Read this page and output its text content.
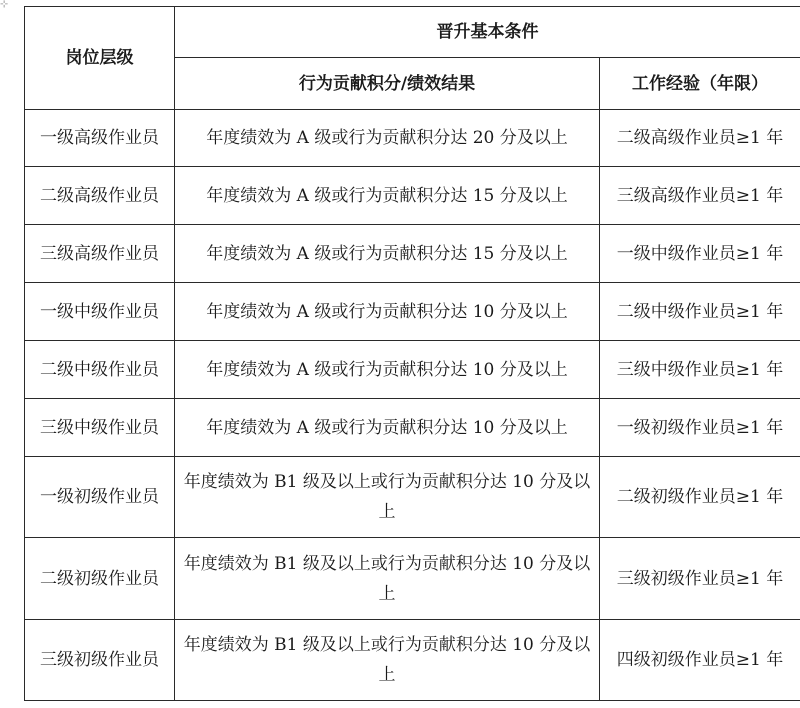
⊹
岗位层级	晋升基本条件	
	行为贡献积分/绩效结果	工作经验（年限）
一级高级作业员	年度绩效为 A 级或行为贡献积分达 20 分及以上	二级高级作业员≥1 年
二级高级作业员	年度绩效为 A 级或行为贡献积分达 15 分及以上	三级高级作业员≥1 年
三级高级作业员	年度绩效为 A 级或行为贡献积分达 15 分及以上	一级中级作业员≥1 年
一级中级作业员	年度绩效为 A 级或行为贡献积分达 10 分及以上	二级中级作业员≥1 年
二级中级作业员	年度绩效为 A 级或行为贡献积分达 10 分及以上	三级中级作业员≥1 年
三级中级作业员	年度绩效为 A 级或行为贡献积分达 10 分及以上	一级初级作业员≥1 年
一级初级作业员	年度绩效为 B1 级及以上或行为贡献积分达 10 分及以上	二级初级作业员≥1 年
二级初级作业员	年度绩效为 B1 级及以上或行为贡献积分达 10 分及以上	三级初级作业员≥1 年
三级初级作业员	年度绩效为 B1 级及以上或行为贡献积分达 10 分及以上	四级初级作业员≥1 年
